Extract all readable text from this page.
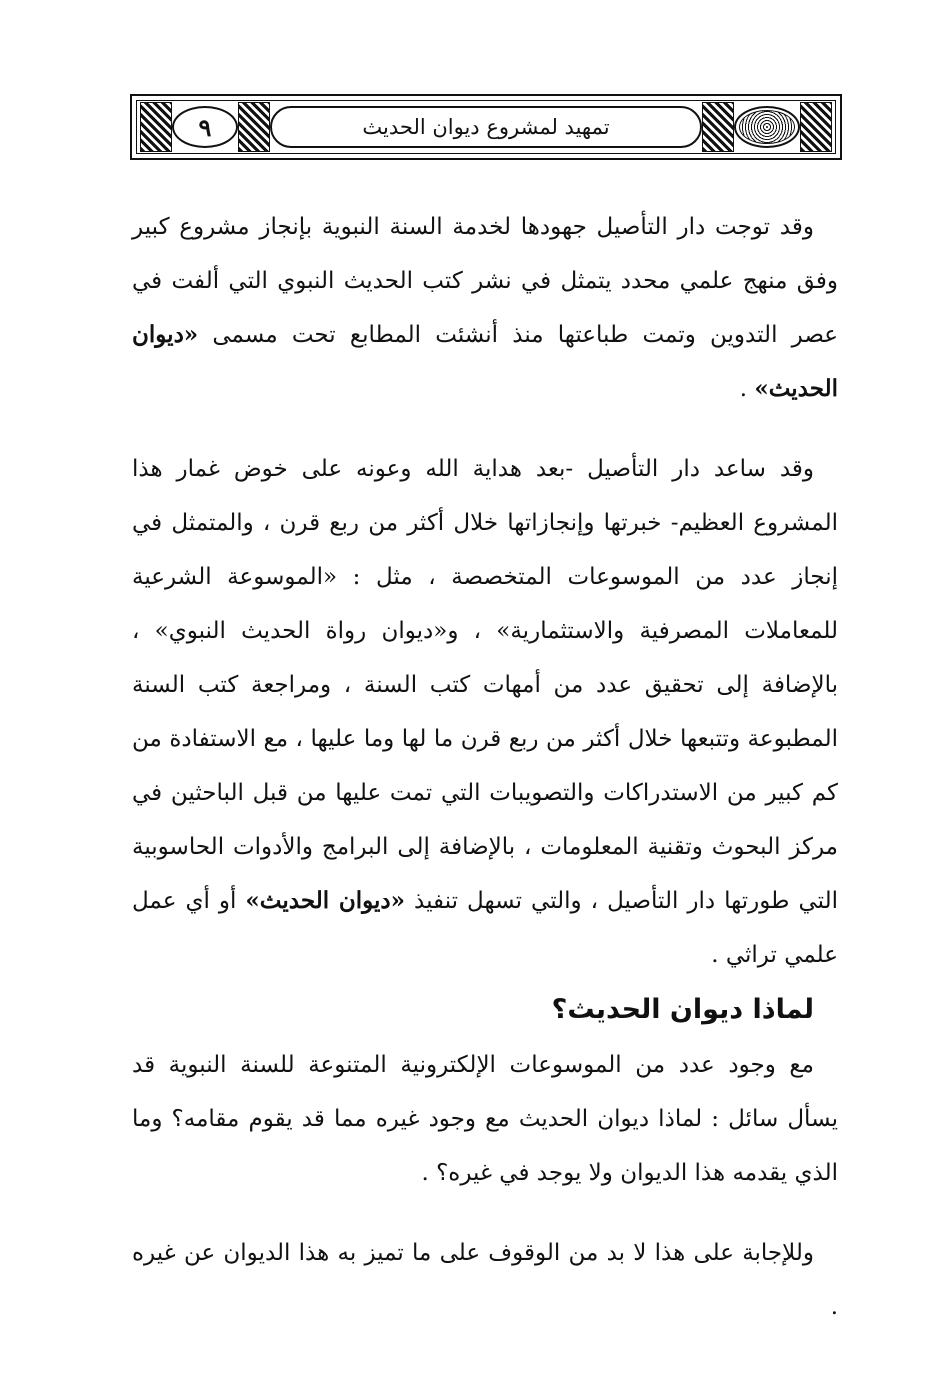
٩	تمهيد لمشروع ديوان الحديث

وقد توجت دار التأصيل جهودها لخدمة السنة النبوية بإنجاز مشروع كبير وفق منهج علمي محدد يتمثل في نشر كتب الحديث النبوي التي ألفت في عصر التدوين وتمت طباعتها منذ أنشئت المطابع تحت مسمى «ديوان الحديث» .

وقد ساعد دار التأصيل -بعد هداية الله وعونه على خوض غمار هذا المشروع العظيم- خبرتها وإنجازاتها خلال أكثر من ربع قرن ، والمتمثل في إنجاز عدد من الموسوعات المتخصصة ، مثل : «الموسوعة الشرعية للمعاملات المصرفية والاستثمارية» ، و«ديوان رواة الحديث النبوي» ، بالإضافة إلى تحقيق عدد من أمهات كتب السنة ، ومراجعة كتب السنة المطبوعة وتتبعها خلال أكثر من ربع قرن ما لها وما عليها ، مع الاستفادة من كم كبير من الاستدراكات والتصويبات التي تمت عليها من قبل الباحثين في مركز البحوث وتقنية المعلومات ، بالإضافة إلى البرامج والأدوات الحاسوبية التي طورتها دار التأصيل ، والتي تسهل تنفيذ «ديوان الحديث» أو أي عمل علمي تراثي .

لماذا ديوان الحديث؟

مع وجود عدد من الموسوعات الإلكترونية المتنوعة للسنة النبوية قد يسأل سائل : لماذا ديوان الحديث مع وجود غيره مما قد يقوم مقامه؟ وما الذي يقدمه هذا الديوان ولا يوجد في غيره؟ .

وللإجابة على هذا لا بد من الوقوف على ما تميز به هذا الديوان عن غيره .
